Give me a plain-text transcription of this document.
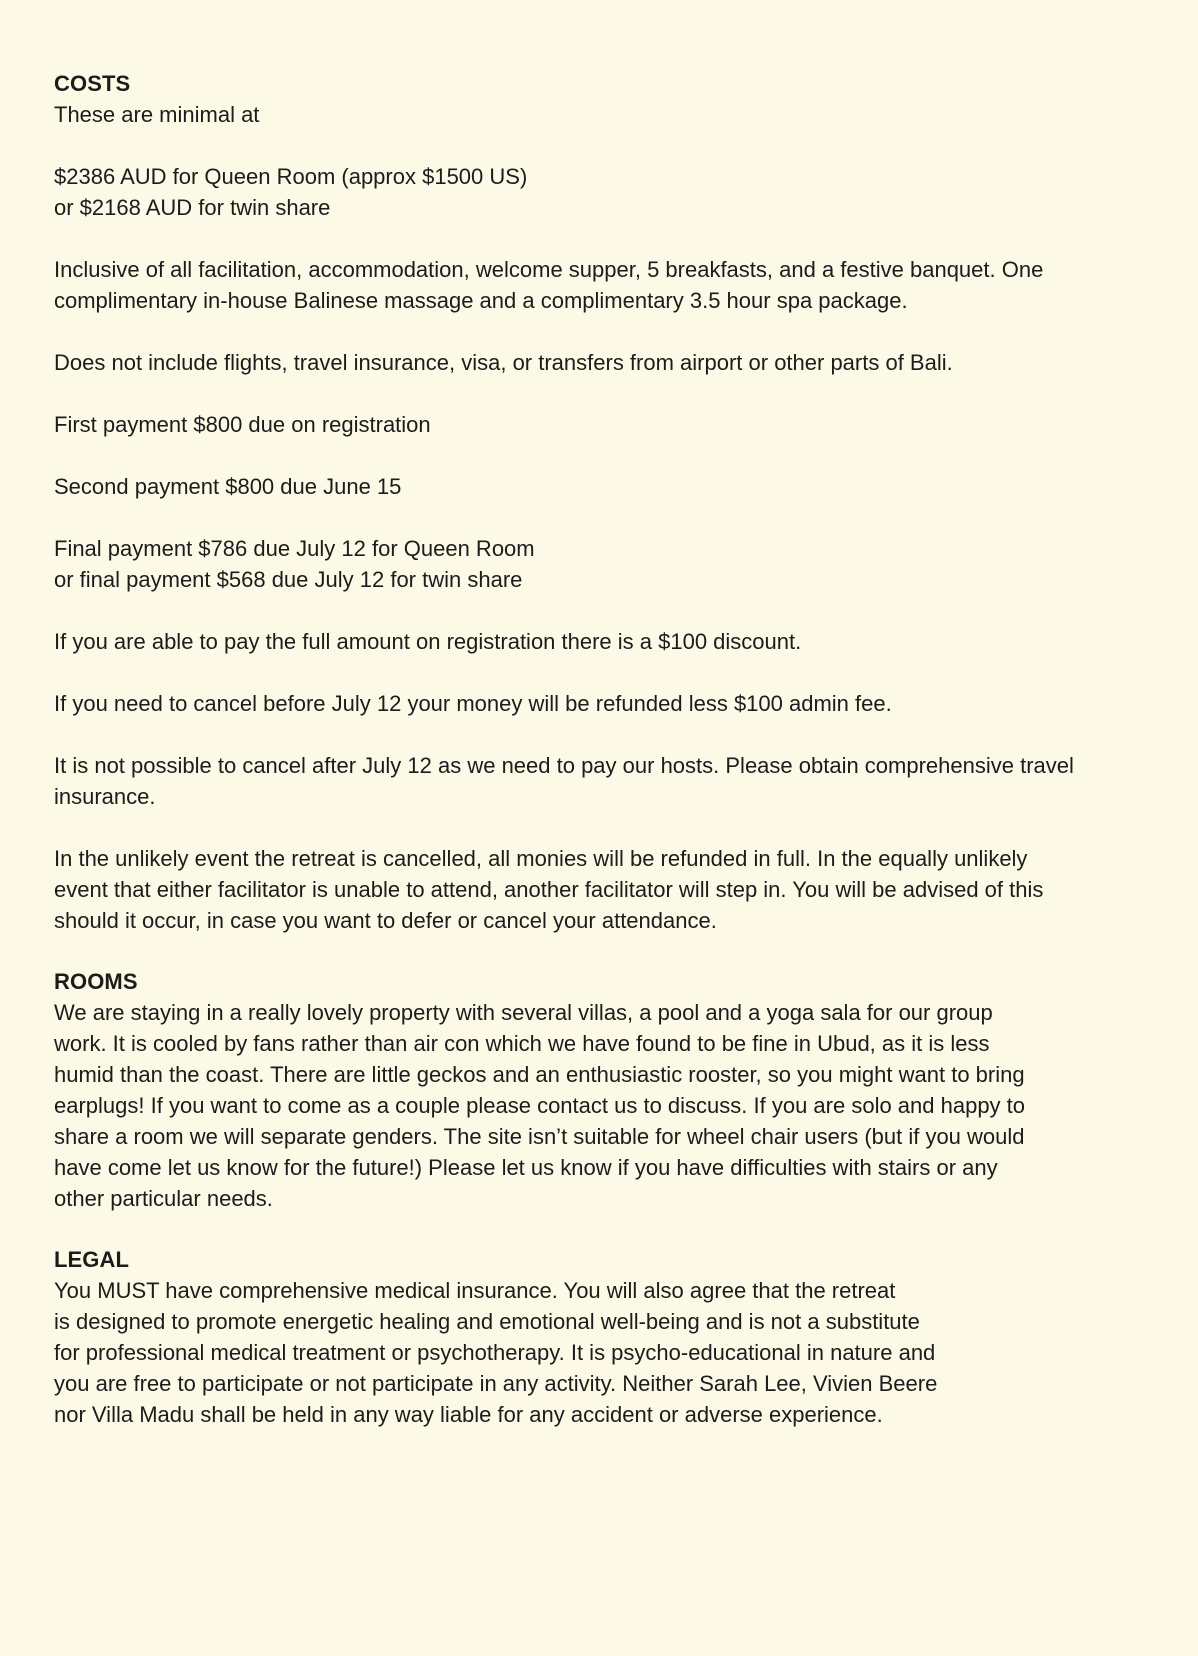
COSTS

These are minimal at

$2386 AUD for Queen Room (approx $1500 US)
or $2168 AUD for twin share

Inclusive of all facilitation, accommodation, welcome supper, 5 breakfasts, and a festive banquet. One
complimentary in-house Balinese massage and a complimentary 3.5 hour spa package.

Does not include flights, travel insurance, visa, or transfers from airport or other parts of Bali.

First payment $800 due on registration

Second payment $800 due June 15

Final payment $786 due July 12 for Queen Room
or final payment $568 due July 12 for twin share

If you are able to pay the full amount on registration there is a $100 discount.

If you need to cancel before July 12 your money will be refunded less $100 admin fee.

It is not possible to cancel after July 12 as we need to pay our hosts. Please obtain comprehensive travel
insurance.

In the unlikely event the retreat is cancelled, all monies will be refunded in full. In the equally unlikely
event that either facilitator is unable to attend, another facilitator will step in. You will be advised of this
should it occur, in case you want to defer or cancel your attendance.

ROOMS

We are staying in a really lovely property with several villas, a pool and a yoga sala for our group
work. It is cooled by fans rather than air con which we have found to be fine in Ubud, as it is less
humid than the coast. There are little geckos and an enthusiastic rooster, so you might want to bring
earplugs! If you want to come as a couple please contact us to discuss. If you are solo and happy to
share a room we will separate genders. The site isn’t suitable for wheel chair users (but if you would
have come let us know for the future!) Please let us know if you have difficulties with stairs or any
other particular needs.

LEGAL

You MUST have comprehensive medical insurance. You will also agree that the retreat
is designed to promote energetic healing and emotional well-being and is not a substitute
for professional medical treatment or psychotherapy. It is psycho-educational in nature and
you are free to participate or not participate in any activity. Neither Sarah Lee, Vivien Beere
nor Villa Madu shall be held in any way liable for any accident or adverse experience.
